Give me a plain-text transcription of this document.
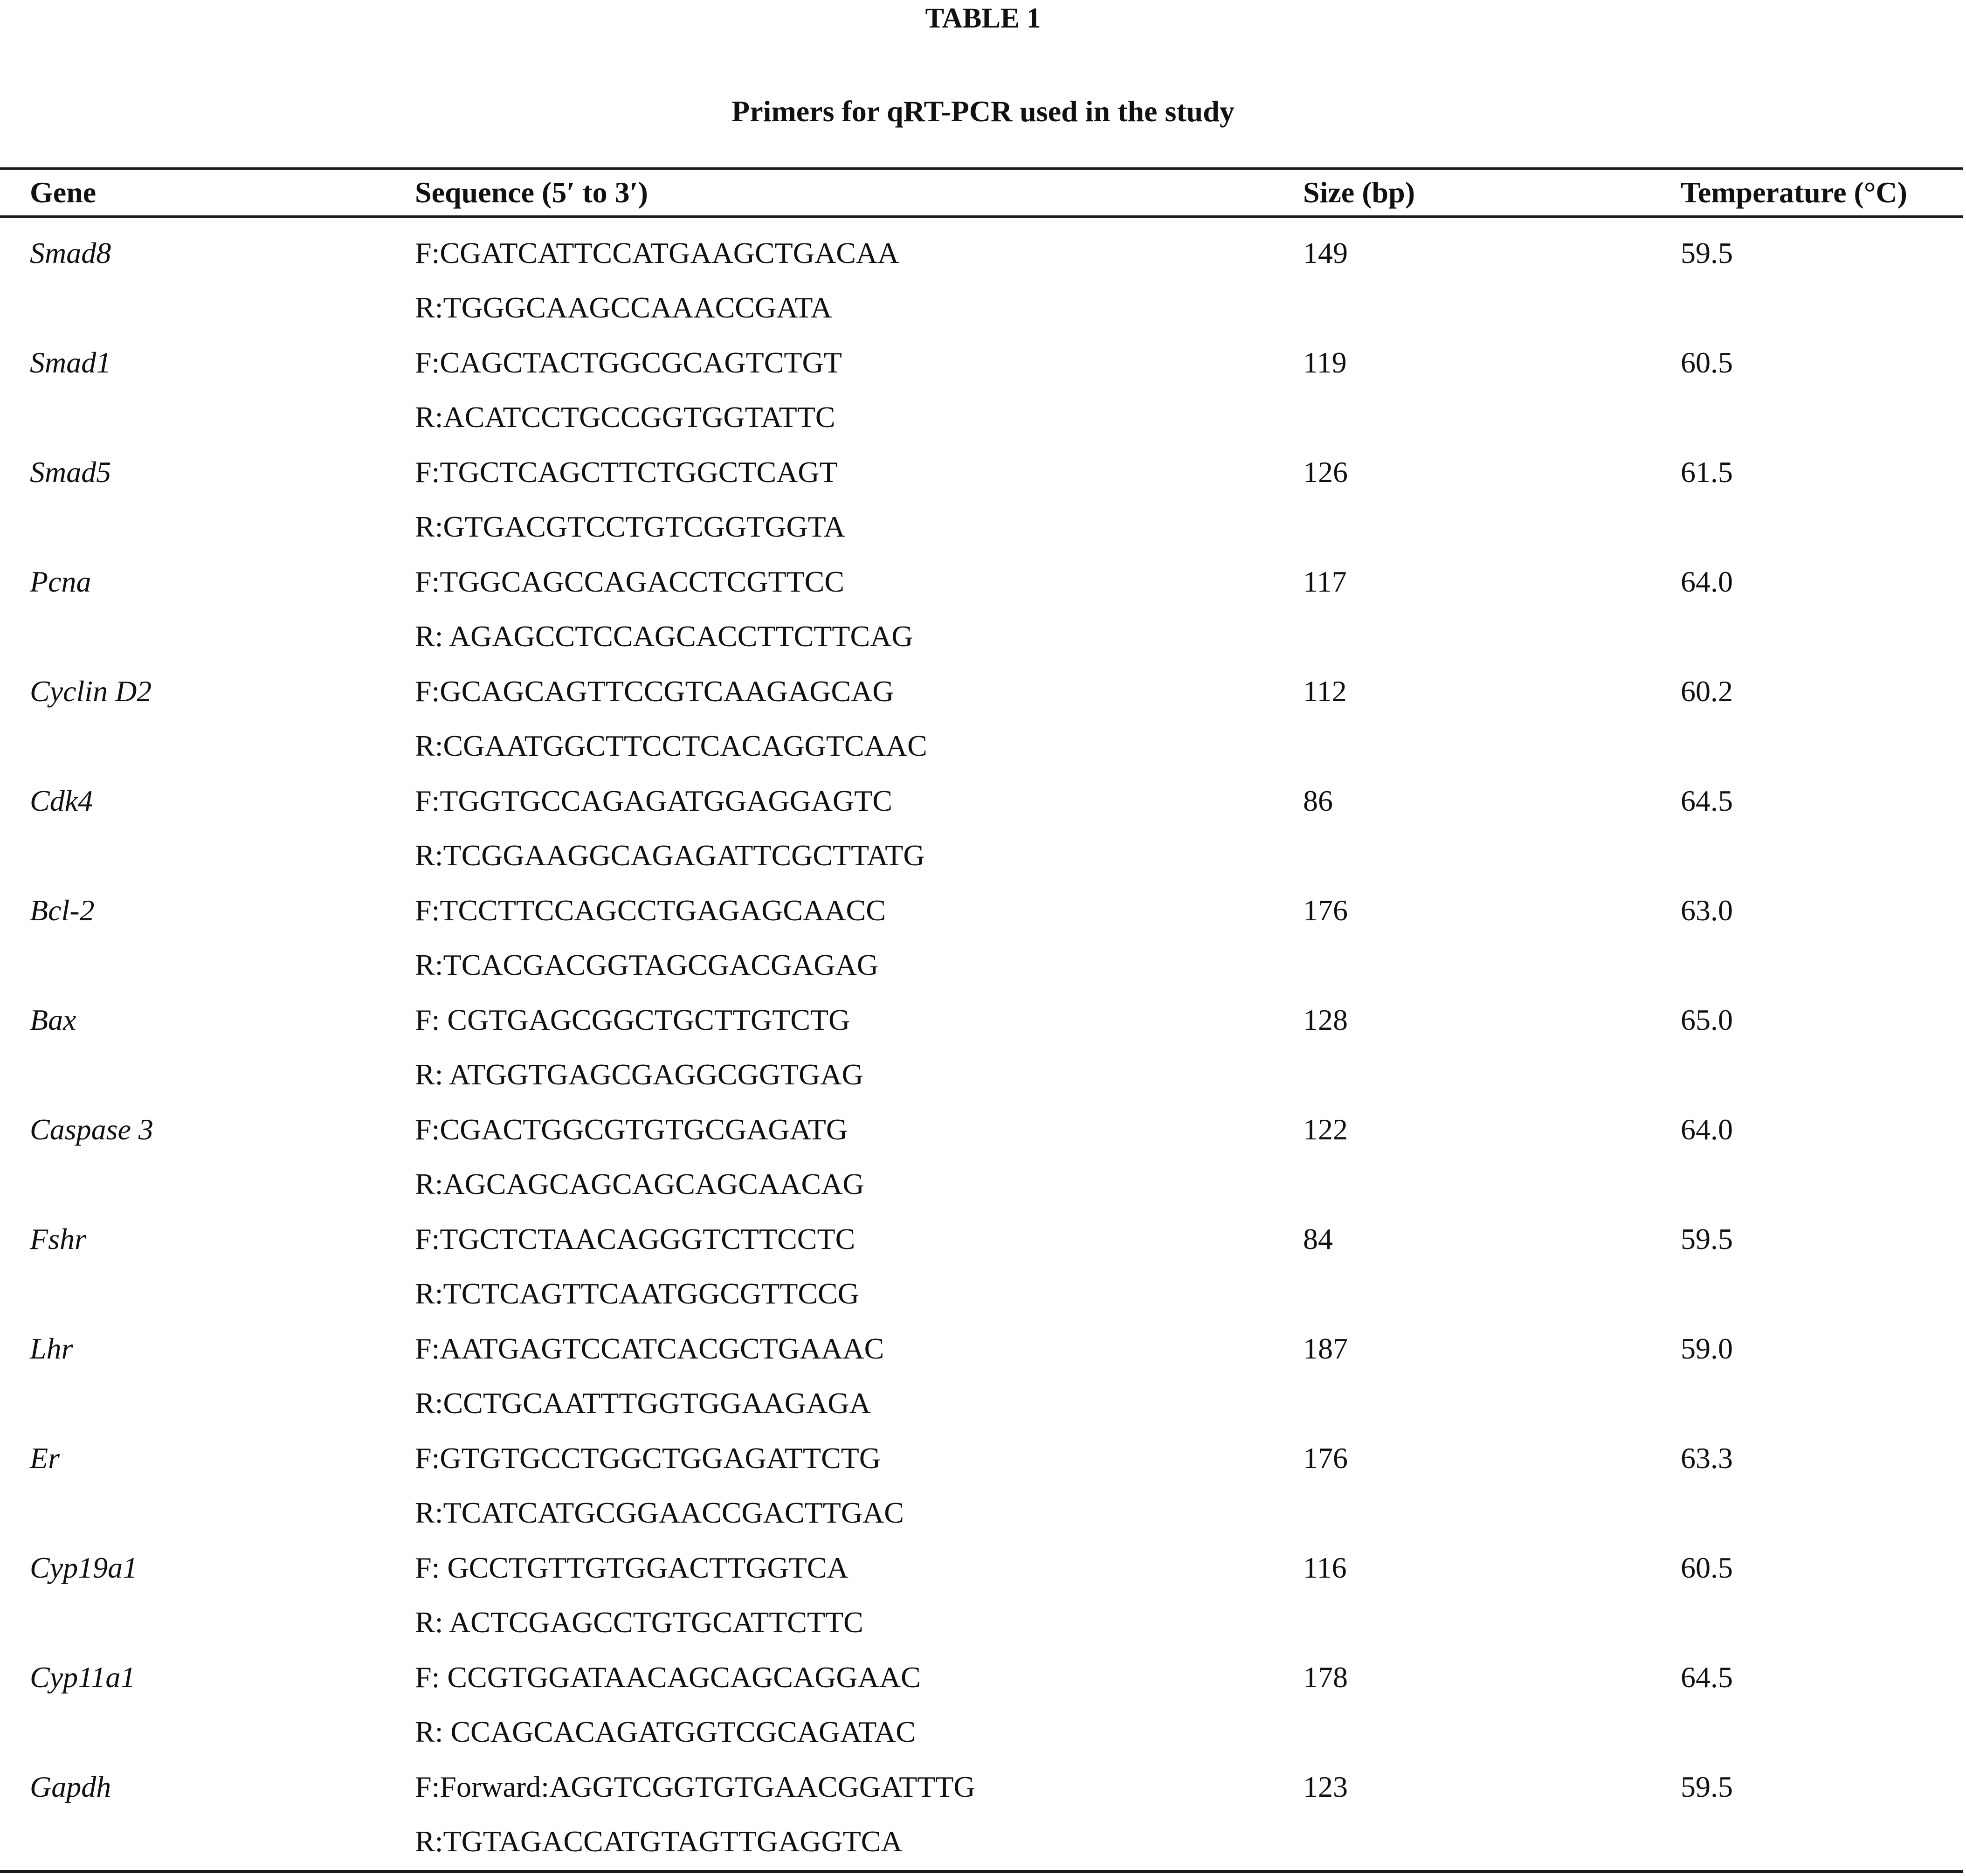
TABLE 1
Primers for qRT-PCR used in the study
Gene	Sequence (5′ to 3′)	Size (bp)	Temperature (°C)

Smad8	F:CGATCATTCCATGAAGCTGACAA	149	59.5
	R:TGGGCAAGCCAAACCGATA		
Smad1	F:CAGCTACTGGCGCAGTCTGT	119	60.5
	R:ACATCCTGCCGGTGGTATTC		
Smad5	F:TGCTCAGCTTCTGGCTCAGT	126	61.5
	R:GTGACGTCCTGTCGGTGGTA		
Pcna	F:TGGCAGCCAGACCTCGTTCC	117	64.0
	R: AGAGCCTCCAGCACCTTCTTCAG		
Cyclin D2	F:GCAGCAGTTCCGTCAAGAGCAG	112	60.2
	R:CGAATGGCTTCCTCACAGGTCAAC		
Cdk4	F:TGGTGCCAGAGATGGAGGAGTC	86	64.5
	R:TCGGAAGGCAGAGATTCGCTTATG		
Bcl-2	F:TCCTTCCAGCCTGAGAGCAACC	176	63.0
	R:TCACGACGGTAGCGACGAGAG		
Bax	F: CGTGAGCGGCTGCTTGTCTG	128	65.0
	R: ATGGTGAGCGAGGCGGTGAG		
Caspase 3	F:CGACTGGCGTGTGCGAGATG	122	64.0
	R:AGCAGCAGCAGCAGCAACAG		
Fshr	F:TGCTCTAACAGGGTCTTCCTC	84	59.5
	R:TCTCAGTTCAATGGCGTTCCG		
Lhr	F:AATGAGTCCATCACGCTGAAAC	187	59.0
	R:CCTGCAATTTGGTGGAAGAGA		
Er	F:GTGTGCCTGGCTGGAGATTCTG	176	63.3
	R:TCATCATGCGGAACCGACTTGAC		
Cyp19a1	F: GCCTGTTGTGGACTTGGTCA	116	60.5
	R: ACTCGAGCCTGTGCATTCTTC		
Cyp11a1	F: CCGTGGATAACAGCAGCAGGAAC	178	64.5
	R: CCAGCACAGATGGTCGCAGATAC		
Gapdh	F:Forward:AGGTCGGTGTGAACGGATTTG	123	59.5
	R:TGTAGACCATGTAGTTGAGGTCA		
